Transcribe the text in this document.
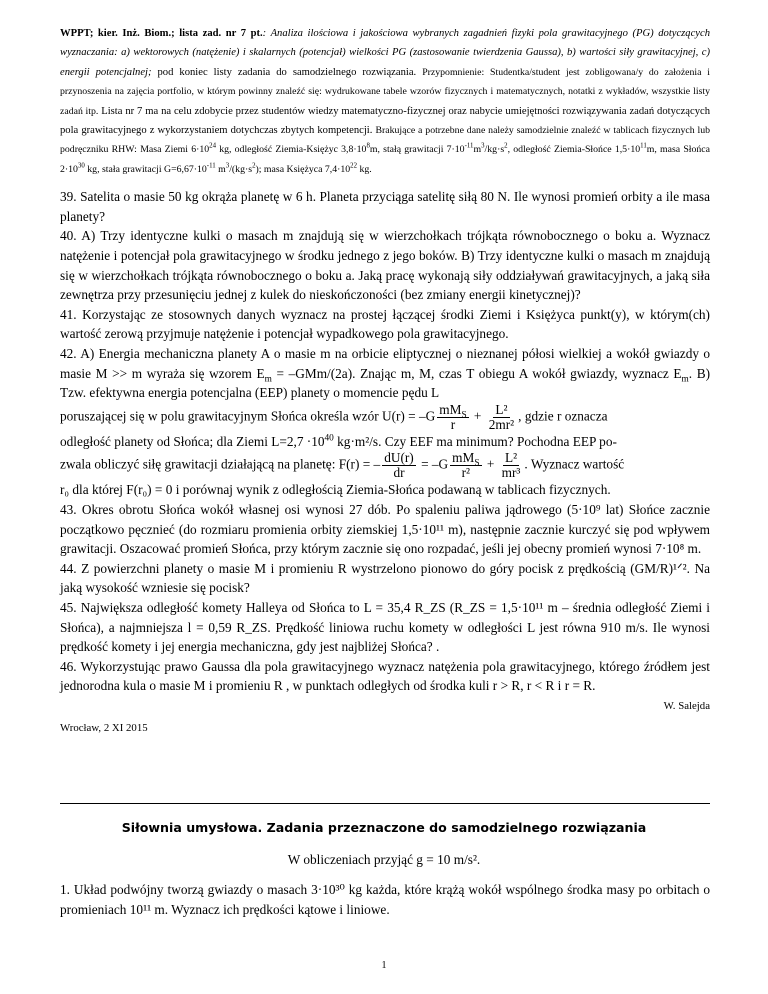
WPPT; kier. Inż. Biom.; lista zad. nr 7 pt.: Analiza ilościowa i jakościowa wybranych zagadnień fizyki pola grawitacyjnego (PG) dotyczących wyznaczania: a) wektorowych (natężenie) i skalarnych (potencjał) wielkości PG (zastosowanie twierdzenia Gaussa), b) wartości siły grawitacyjnej, c) energii potencjalnej; pod koniec listy zadania do samodzielnego rozwiązania. Przypomnienie: Studentka/student jest zobligowana/y do założenia i przynoszenia na zajęcia portfolio, w którym powinny znaleźć się: wydrukowane tabele wzorów fizycznych i matematycznych, notatki z wykładów, wszystkie listy zadań itp. Lista nr 7 ma na celu zdobycie przez studentów wiedzy matematyczno-fizycznej oraz nabycie umiejętności rozwiązywania zadań dotyczących pola grawitacyjnego z wykorzystaniem dotychczas zbytych kompetencji. Brakujące a potrzebne dane należy samodzielnie znaleźć w tablicach fizycznych lub podręczniku RHW: Masa Ziemi $6\cdot 10^{24}$ kg, odległość Ziemia-Księżyc $3,8\cdot 10^8m$, stałą grawitacji $7\cdot 10^{-11}m^3/kg\cdot s^2$, odległość Ziemia-Słońce $1,5\cdot 10^{11}m$, masa Słońca $2\cdot 10^{30}$ kg, stała grawitacji $G=6,67\cdot 10^{-11}$ $m^3/(kg\cdot s^2)$; masa Księżyca $7,4\cdot 10^{22}$ kg.

39. Satelita o masie 50 kg okrąża planetę w 6 h. Planeta przyciąga satelitę siłą 80 N. Ile wynosi promień orbity a ile masa planety?

40. A) Trzy identyczne kulki o masach m znajdują się w wierzchołkach trójkąta równobocznego o boku a. Wyznacz natężenie i potencjał pola grawitacyjnego w środku jednego z jego boków. B) Trzy identyczne kulki o masach m znajdują się w wierzchołkach trójkąta równobocznego o boku a. Jaką pracę wykonają siły oddziaływań grawitacyjnych, a jaką siła zewnętrza przy przesunięciu jednej z kulek do nieskończoności (bez zmiany energii kinetycznej)?

41. Korzystając ze stosownych danych wyznacz na prostej łączącej środki Ziemi i Księżyca punkt(y), w którym(ch) wartość zerową przyjmuje natężenie i potencjał wypadkowego pola grawitacyjnego.

42. A) Energia mechaniczna planety A o masie m na orbicie eliptycznej o nieznanej półosi wielkiej a wokół gwiazdy o masie M >> m wyraża się wzorem $E_m = -GMm/(2a)$. Znając m, M, czas T obiegu A wokół gwiazdy, wyznacz $E_m$. B) Tzw. efektywna energia potencjalna (EEP) planety o momencie pędu L

poruszającej się w polu grawitacyjnym Słońca określa wzór $U(r) = -G \frac{mM_S}{r} + \frac{\text{L²}}{\text{2mr²}}$ , gdzie r oznacza

odległość planety od Słońca; dla Ziemi $L=2,7 \cdot 10^{40}$ kg·m²/s. Czy EEF ma minimum? Pochodna EEP po-

zwala obliczyć siłę grawitacji działającą na planetę: F(r) = – $\frac{dU(r)}{dr} = -G \frac{mM_S}{\text{r²}} + \frac{\text{L²}}{\text{mr³}}$ . Wyznacz wartość

r₀ dla której F(r₀) = 0 i porównaj wynik z odległością Ziemia-Słońca podawaną w tablicach fizycznych.

43. Okres obrotu Słońca wokół własnej osi wynosi 27 dób. Po spaleniu paliwa jądrowego (5·10⁹ lat) Słońce zacznie początkowo pęcznieć (do rozmiaru promienia orbity ziemskiej 1,5·10¹¹ m), następnie zacznie kurczyć się pod wpływem grawitacji. Oszacować promień Słońca, przy którym zacznie się ono rozpadać, jeśli jej obecny promień wynosi 7·10⁸ m.

44. Z powierzchni planety o masie M i promieniu R wystrzelono pionowo do góry pocisk z prędkością (GM/R)¹ᐟ². Na jaką wysokość wzniesie się pocisk?

45. Największa odległość komety Halleya od Słońca to L = 35,4 R_ZS (R_ZS = 1,5·10¹¹ m – średnia odległość Ziemi i Słońca), a najmniejsza l = 0,59 R_ZS. Prędkość liniowa ruchu komety w odległości L jest równa 910 m/s. Ile wynosi prędkość komety i jej energia mechaniczna, gdy jest najbliżej Słońca? .

46. Wykorzystując prawo Gaussa dla pola grawitacyjnego wyznacz natężenia pola grawitacyjnego, którego źródłem jest jednorodna kula o masie M i promieniu R , w punktach odległych od środka kuli r > R, r < R i r = R.

W. Salejda
Wrocław, 2 XI 2015
Siłownia umysłowa. Zadania przeznaczone do samodzielnego rozwiązania
W obliczeniach przyjąć g = 10 m/s².
1. Układ podwójny tworzą gwiazdy o masach 3·10³⁰ kg każda, które krążą wokół wspólnego środka masy po orbitach o promieniach 10¹¹ m. Wyznacz ich prędkości kątowe i liniowe.
1
